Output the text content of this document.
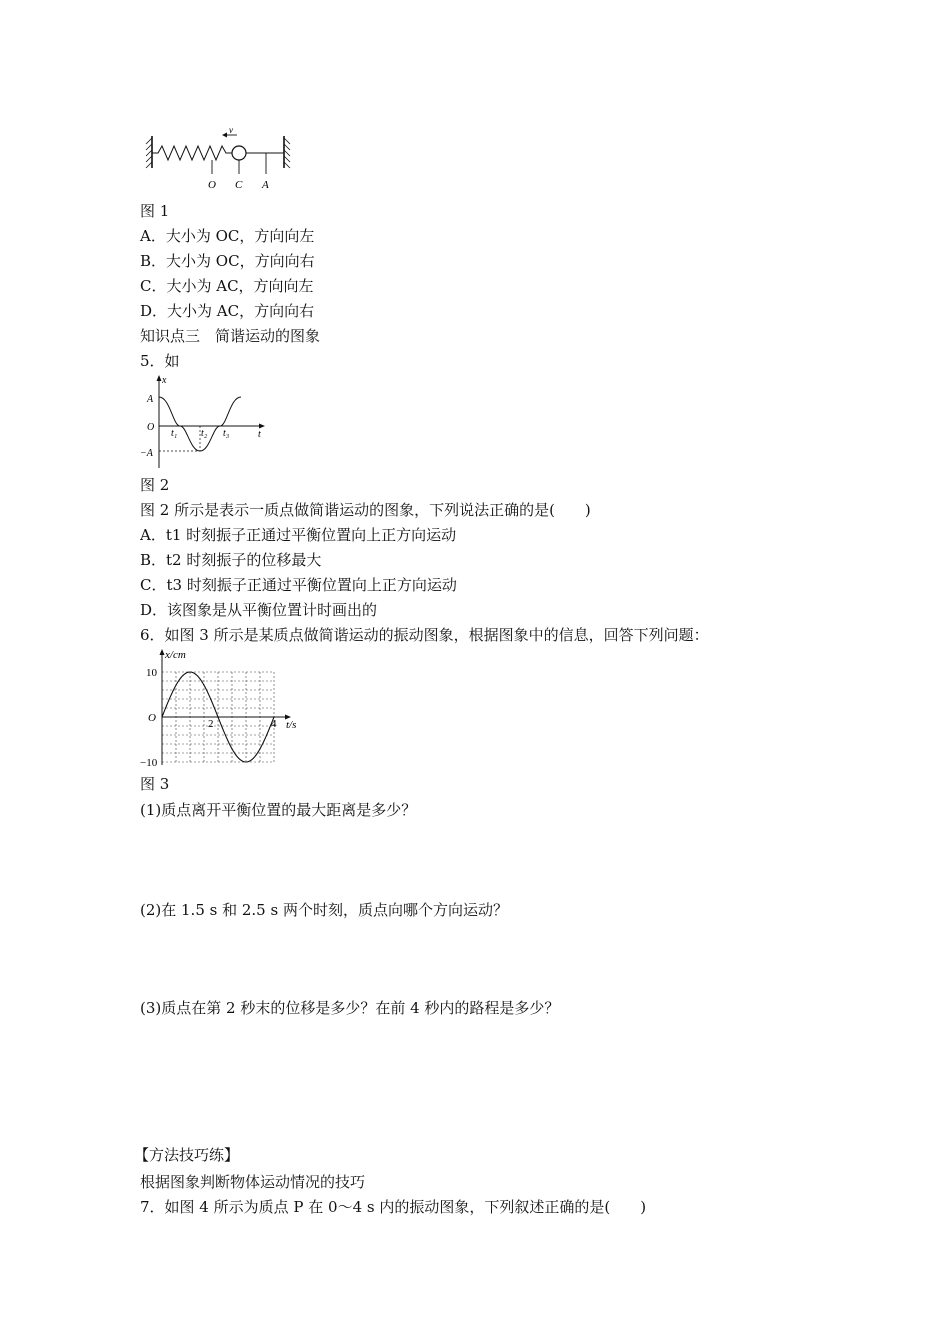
v
O C A
图 1
A．大小为 OC，方向向左
B．大小为 OC，方向向右
C．大小为 AC，方向向左
D．大小为 AC，方向向右
知识点三　简谐运动的图象
5．如
x
t
A
O
−A
t₁ t₂ t₃
图 2
图 2 所示是表示一质点做简谐运动的图象，下列说法正确的是(　　)
A．t1 时刻振子正通过平衡位置向上正方向运动
B．t2 时刻振子的位移最大
C．t3 时刻振子正通过平衡位置向上正方向运动
D．该图象是从平衡位置计时画出的
6．如图 3 所示是某质点做简谐运动的振动图象，根据图象中的信息，回答下列问题：
x/cm
t/s
10
O
−10
2	4
图 3
(1)质点离开平衡位置的最大距离是多少？
(2)在 1.5 s 和 2.5 s 两个时刻，质点向哪个方向运动？
(3)质点在第 2 秒末的位移是多少？在前 4 秒内的路程是多少？
【方法技巧练】
根据图象判断物体运动情况的技巧
7．如图 4 所示为质点 P 在 0～4 s 内的振动图象，下列叙述正确的是(　　)
